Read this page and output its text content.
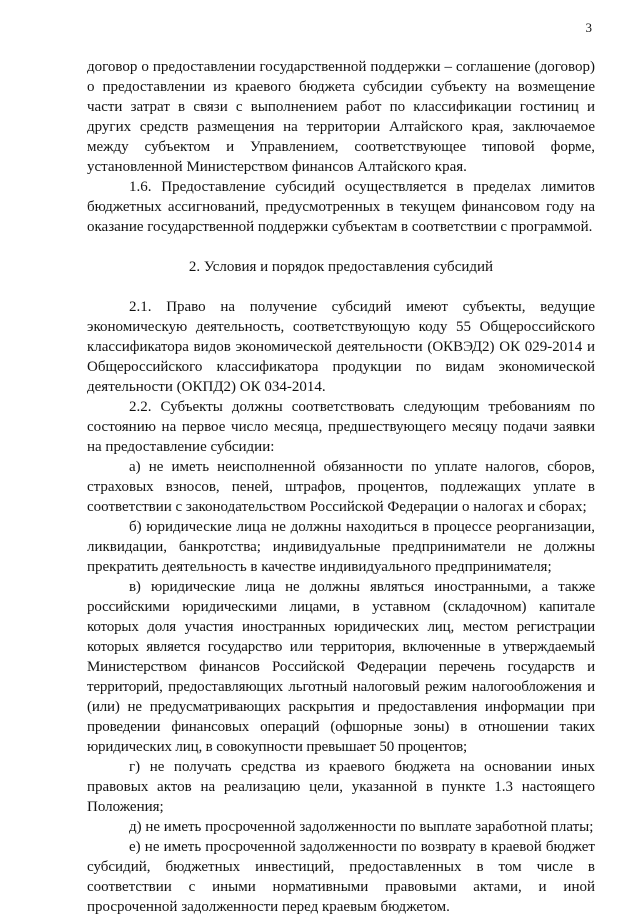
3

договор о предоставлении государственной поддержки – соглашение (договор) о предоставлении из краевого бюджета субсидии субъекту на возмещение части затрат в связи с выполнением работ по классификации гостиниц и других средств размещения на территории Алтайского края, заключаемое между субъектом и Управлением, соответствующее типовой форме, установленной Министерством финансов Алтайского края.

1.6. Предоставление субсидий осуществляется в пределах лимитов бюджетных ассигнований, предусмотренных в текущем финансовом году на оказание государственной поддержки субъектам в соответствии с программой.

2. Условия и порядок предоставления субсидий

2.1. Право на получение субсидий имеют субъекты, ведущие экономическую деятельность, соответствующую коду 55 Общероссийского классификатора видов экономической деятельности (ОКВЭД2) ОК 029-2014 и Общероссийского классификатора продукции по видам экономической деятельности (ОКПД2) ОК 034-2014.

2.2. Субъекты должны соответствовать следующим требованиям по состоянию на первое число месяца, предшествующего месяцу подачи заявки на предоставление субсидии:

а) не иметь неисполненной обязанности по уплате налогов, сборов, страховых взносов, пеней, штрафов, процентов, подлежащих уплате в соответствии с законодательством Российской Федерации о налогах и сборах;

б) юридические лица не должны находиться в процессе реорганизации, ликвидации, банкротства; индивидуальные предприниматели не должны прекратить деятельность в качестве индивидуального предпринимателя;

в) юридические лица не должны являться иностранными, а также российскими юридическими лицами, в уставном (складочном) капитале которых доля участия иностранных юридических лиц, местом регистрации которых является государство или территория, включенные в утверждаемый Министерством финансов Российской Федерации перечень государств и территорий, предоставляющих льготный налоговый режим налогообложения и (или) не предусматривающих раскрытия и предоставления информации при проведении финансовых операций (офшорные зоны) в отношении таких юридических лиц, в совокупности превышает 50 процентов;

г) не получать средства из краевого бюджета на основании иных правовых актов на реализацию цели, указанной в пункте 1.3 настоящего Положения;

д) не иметь просроченной задолженности по выплате заработной платы;

е) не иметь просроченной задолженности по возврату в краевой бюджет субсидий, бюджетных инвестиций, предоставленных в том числе в соответствии с иными нормативными правовыми актами, и иной просроченной задолженности перед краевым бюджетом.
